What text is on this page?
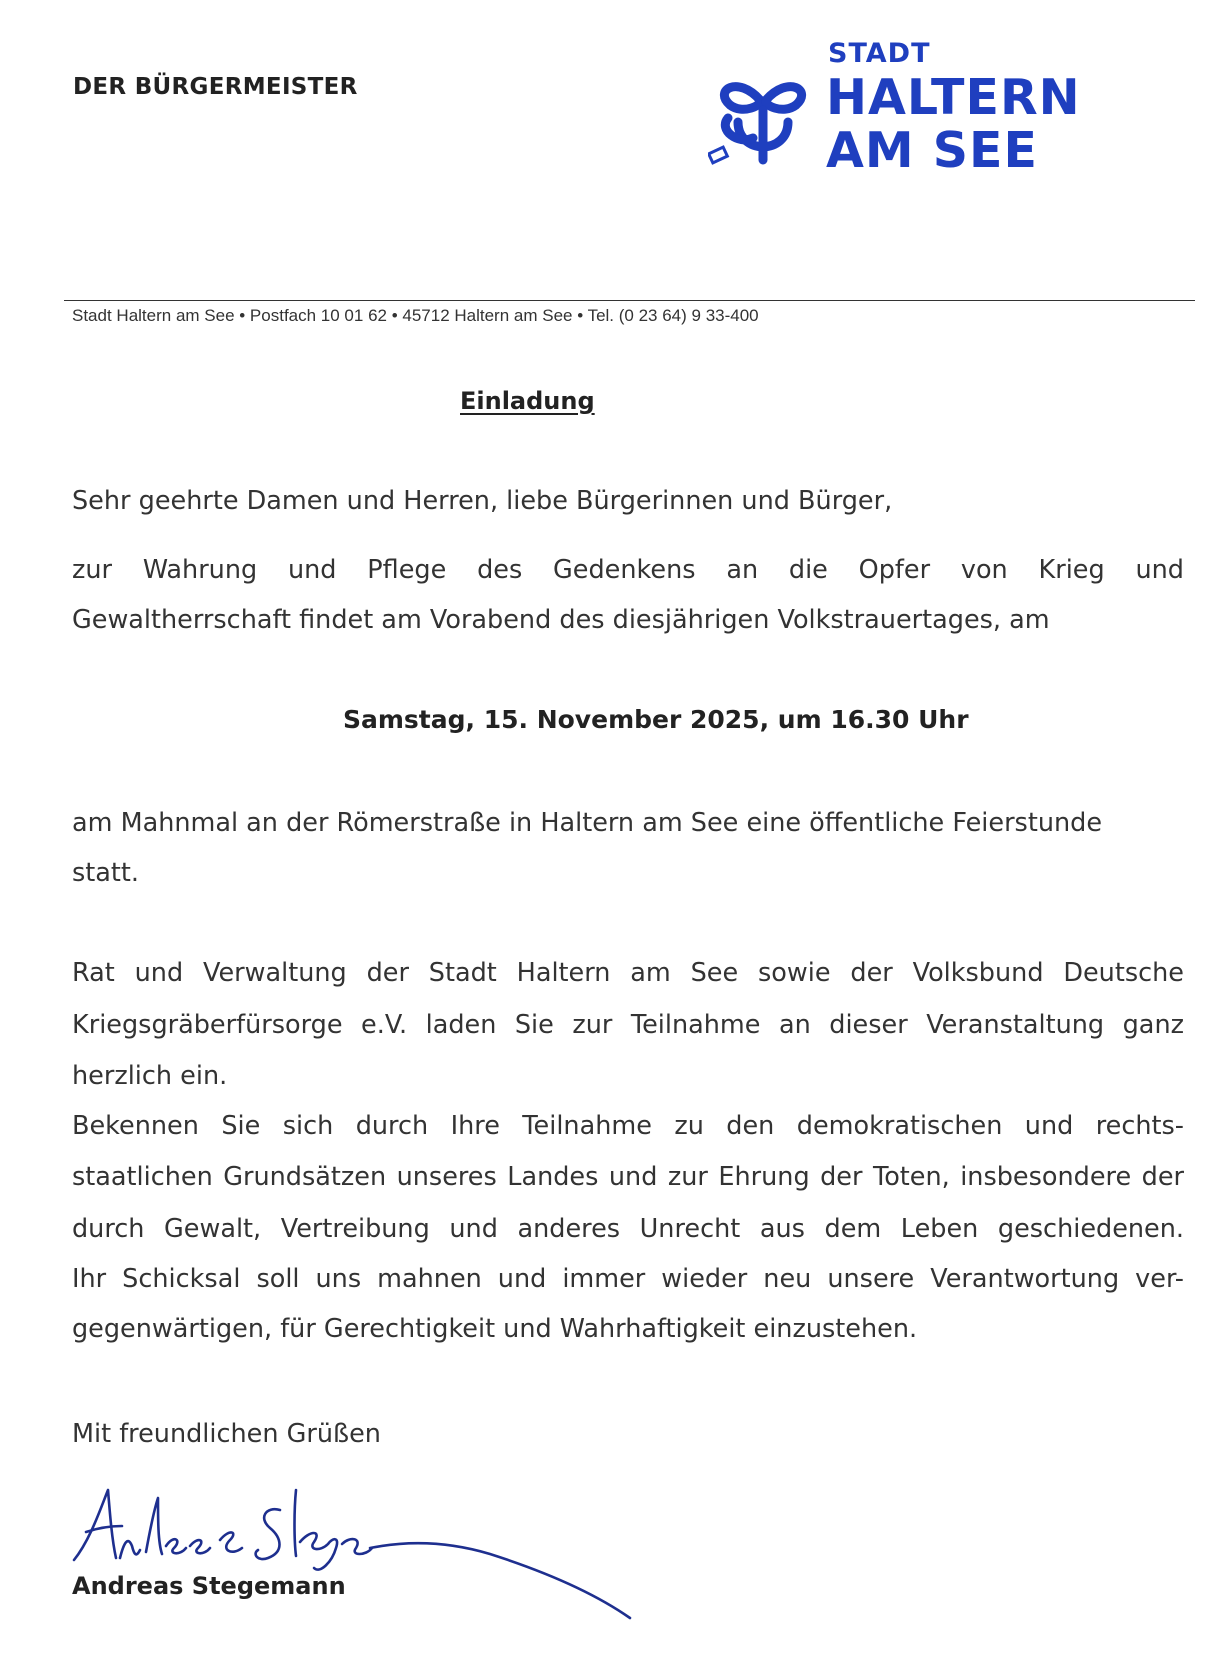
DER BÜRGERMEISTER
STADT
HALTERN
AM SEE
Stadt Haltern am See • Postfach 10 01 62 • 45712 Haltern am See • Tel. (0 23 64) 9 33-400
Einladung
Sehr geehrte Damen und Herren, liebe Bürgerinnen und Bürger,
zur Wahrung und Pflege des Gedenkens an die Opfer von Krieg und
Gewaltherrschaft findet am Vorabend des diesjährigen Volkstrauertages, am
Samstag, 15. November 2025, um 16.30 Uhr
am Mahnmal an der Römerstraße in Haltern am See eine öffentliche Feierstunde
statt.
Rat und Verwaltung der Stadt Haltern am See sowie der Volksbund Deutsche
Kriegsgräberfürsorge e.V. laden Sie zur Teilnahme an dieser Veranstaltung ganz
herzlich ein.
Bekennen Sie sich durch Ihre Teilnahme zu den demokratischen und rechts-
staatlichen Grundsätzen unseres Landes und zur Ehrung der Toten, insbesondere der
durch Gewalt, Vertreibung und anderes Unrecht aus dem Leben geschiedenen.
Ihr Schicksal soll uns mahnen und immer wieder neu unsere Verantwortung ver-
gegenwärtigen, für Gerechtigkeit und Wahrhaftigkeit einzustehen.
Mit freundlichen Grüßen
Andreas Stegemann
